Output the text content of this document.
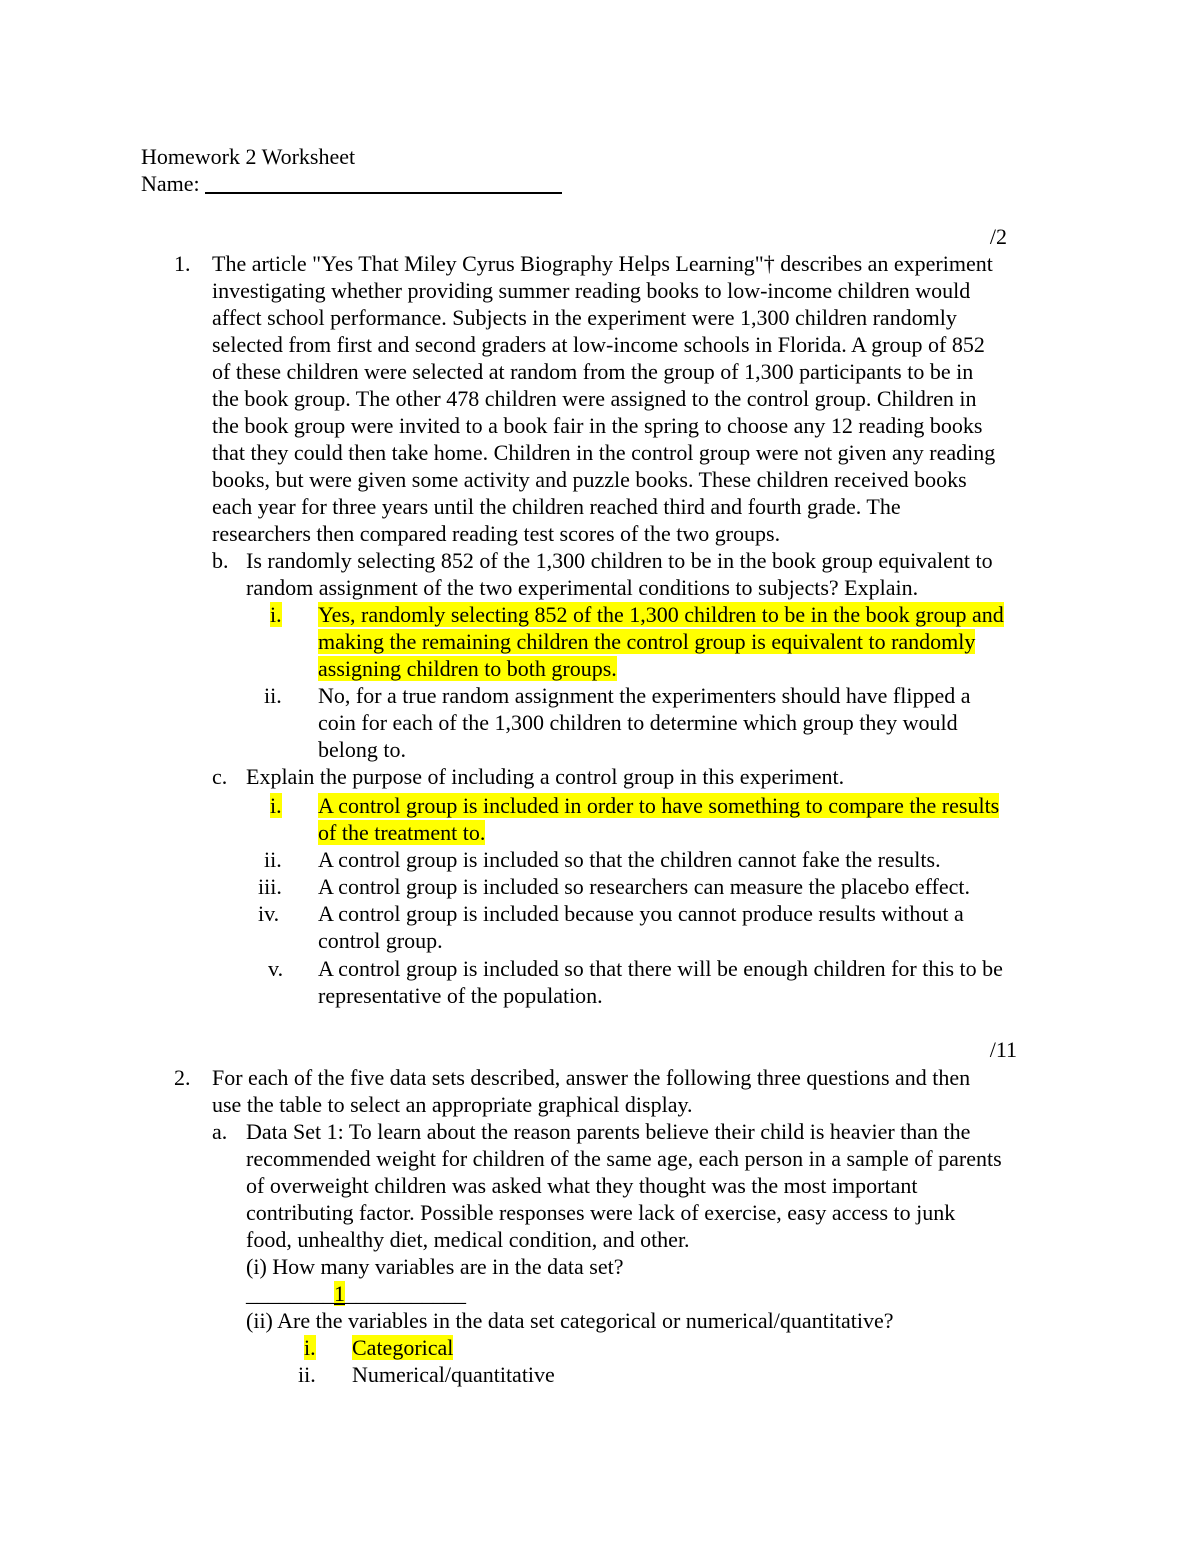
Homework 2 Worksheet
Name:
/2
1. The article "Yes That Miley Cyrus Biography Helps Learning"† describes an experiment
investigating whether providing summer reading books to low-income children would
affect school performance. Subjects in the experiment were 1,300 children randomly
selected from first and second graders at low-income schools in Florida. A group of 852
of these children were selected at random from the group of 1,300 participants to be in
the book group. The other 478 children were assigned to the control group. Children in
the book group were invited to a book fair in the spring to choose any 12 reading books
that they could then take home. Children in the control group were not given any reading
books, but were given some activity and puzzle books. These children received books
each year for three years until the children reached third and fourth grade. The
researchers then compared reading test scores of the two groups.
b. Is randomly selecting 852 of the 1,300 children to be in the book group equivalent to
random assignment of the two experimental conditions to subjects? Explain.
i. Yes, randomly selecting 852 of the 1,300 children to be in the book group and
making the remaining children the control group is equivalent to randomly
assigning children to both groups.
ii. No, for a true random assignment the experimenters should have flipped a
coin for each of the 1,300 children to determine which group they would
belong to.
c. Explain the purpose of including a control group in this experiment.
i. A control group is included in order to have something to compare the results
of the treatment to.
ii. A control group is included so that the children cannot fake the results.
iii. A control group is included so researchers can measure the placebo effect.
iv. A control group is included because you cannot produce results without a
control group.
v. A control group is included so that there will be enough children for this to be
representative of the population.
/11
2. For each of the five data sets described, answer the following three questions and then
use the table to select an appropriate graphical display.
a. Data Set 1: To learn about the reason parents believe their child is heavier than the
recommended weight for children of the same age, each person in a sample of parents
of overweight children was asked what they thought was the most important
contributing factor. Possible responses were lack of exercise, easy access to junk
food, unhealthy diet, medical condition, and other.
(i) How many variables are in the data set?
________1___________
(ii) Are the variables in the data set categorical or numerical/quantitative?
i. Categorical
ii. Numerical/quantitative
